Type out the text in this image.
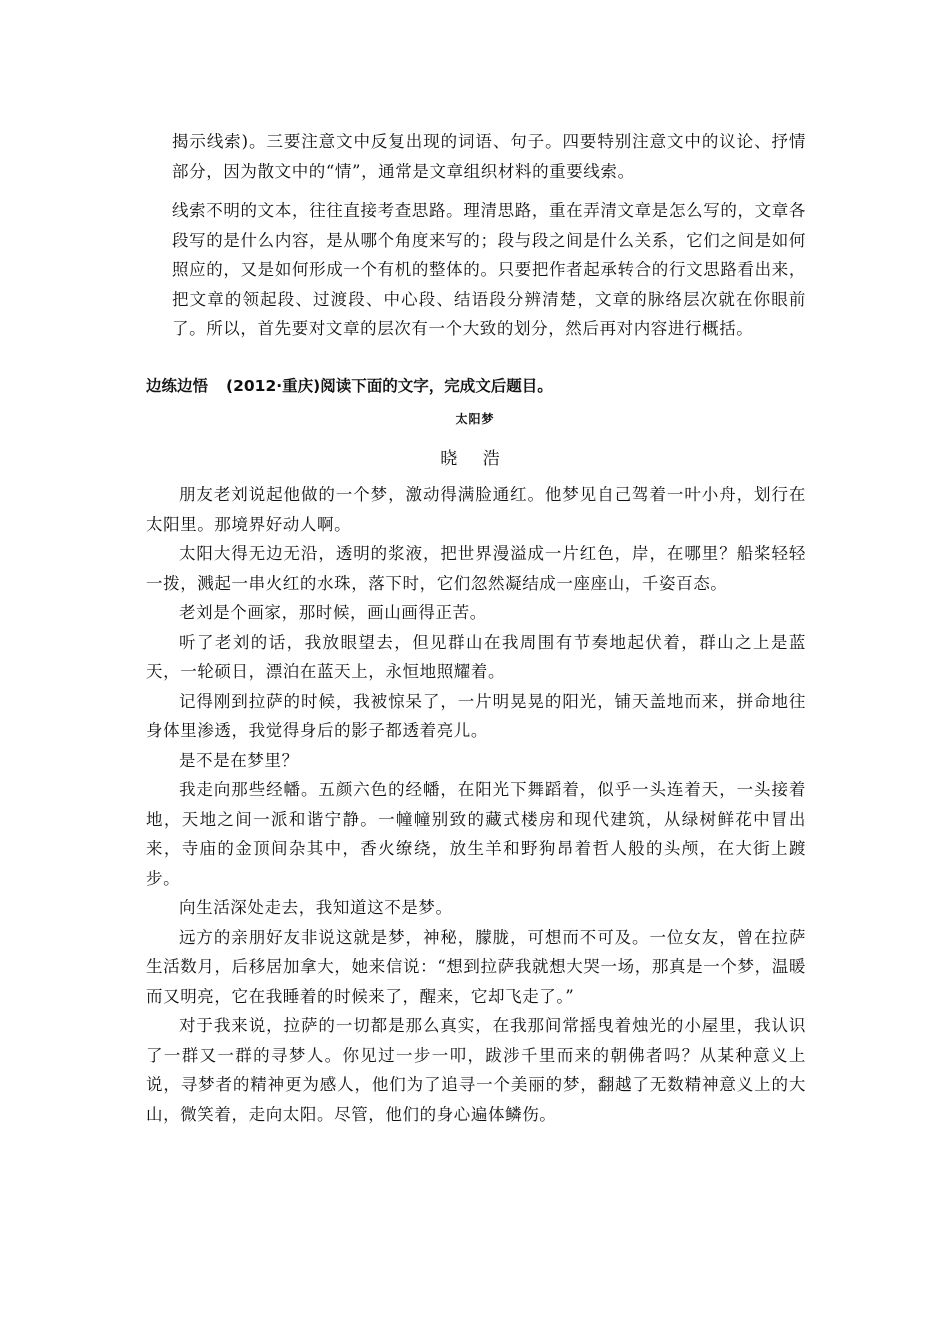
揭示线索)。三要注意文中反复出现的词语、句子。四要特别注意文中的议论、抒情部分，因为散文中的“情”，通常是文章组织材料的重要线索。

线索不明的文本，往往直接考查思路。理清思路，重在弄清文章是怎么写的，文章各段写的是什么内容，是从哪个角度来写的；段与段之间是什么关系，它们之间是如何照应的，又是如何形成一个有机的整体的。只要把作者起承转合的行文思路看出来，把文章的领起段、过渡段、中心段、结语段分辨清楚，文章的脉络层次就在你眼前了。所以，首先要对文章的层次有一个大致的划分，然后再对内容进行概括。

边练边悟 (2012·重庆)阅读下面的文字，完成文后题目。
太阳梦
晓 浩

朋友老刘说起他做的一个梦，激动得满脸通红。他梦见自己驾着一叶小舟，划行在太阳里。那境界好动人啊。

太阳大得无边无沿，透明的浆液，把世界漫溢成一片红色，岸，在哪里？船桨轻轻一拨，溅起一串火红的水珠，落下时，它们忽然凝结成一座座山，千姿百态。

老刘是个画家，那时候，画山画得正苦。

听了老刘的话，我放眼望去，但见群山在我周围有节奏地起伏着，群山之上是蓝天，一轮硕日，漂泊在蓝天上，永恒地照耀着。

记得刚到拉萨的时候，我被惊呆了，一片明晃晃的阳光，铺天盖地而来，拼命地往身体里渗透，我觉得身后的影子都透着亮儿。

是不是在梦里？

我走向那些经幡。五颜六色的经幡，在阳光下舞蹈着，似乎一头连着天，一头接着地，天地之间一派和谐宁静。一幢幢别致的藏式楼房和现代建筑，从绿树鲜花中冒出来，寺庙的金顶间杂其中，香火缭绕，放生羊和野狗昂着哲人般的头颅，在大街上踱步。

向生活深处走去，我知道这不是梦。

远方的亲朋好友非说这就是梦，神秘，朦胧，可想而不可及。一位女友，曾在拉萨生活数月，后移居加拿大，她来信说：“想到拉萨我就想大哭一场，那真是一个梦，温暖而又明亮，它在我睡着的时候来了，醒来，它却飞走了。”

对于我来说，拉萨的一切都是那么真实，在我那间常摇曳着烛光的小屋里，我认识了一群又一群的寻梦人。你见过一步一叩，跋涉千里而来的朝佛者吗？从某种意义上说，寻梦者的精神更为感人，他们为了追寻一个美丽的梦，翻越了无数精神意义上的大山，微笑着，走向太阳。尽管，他们的身心遍体鳞伤。
